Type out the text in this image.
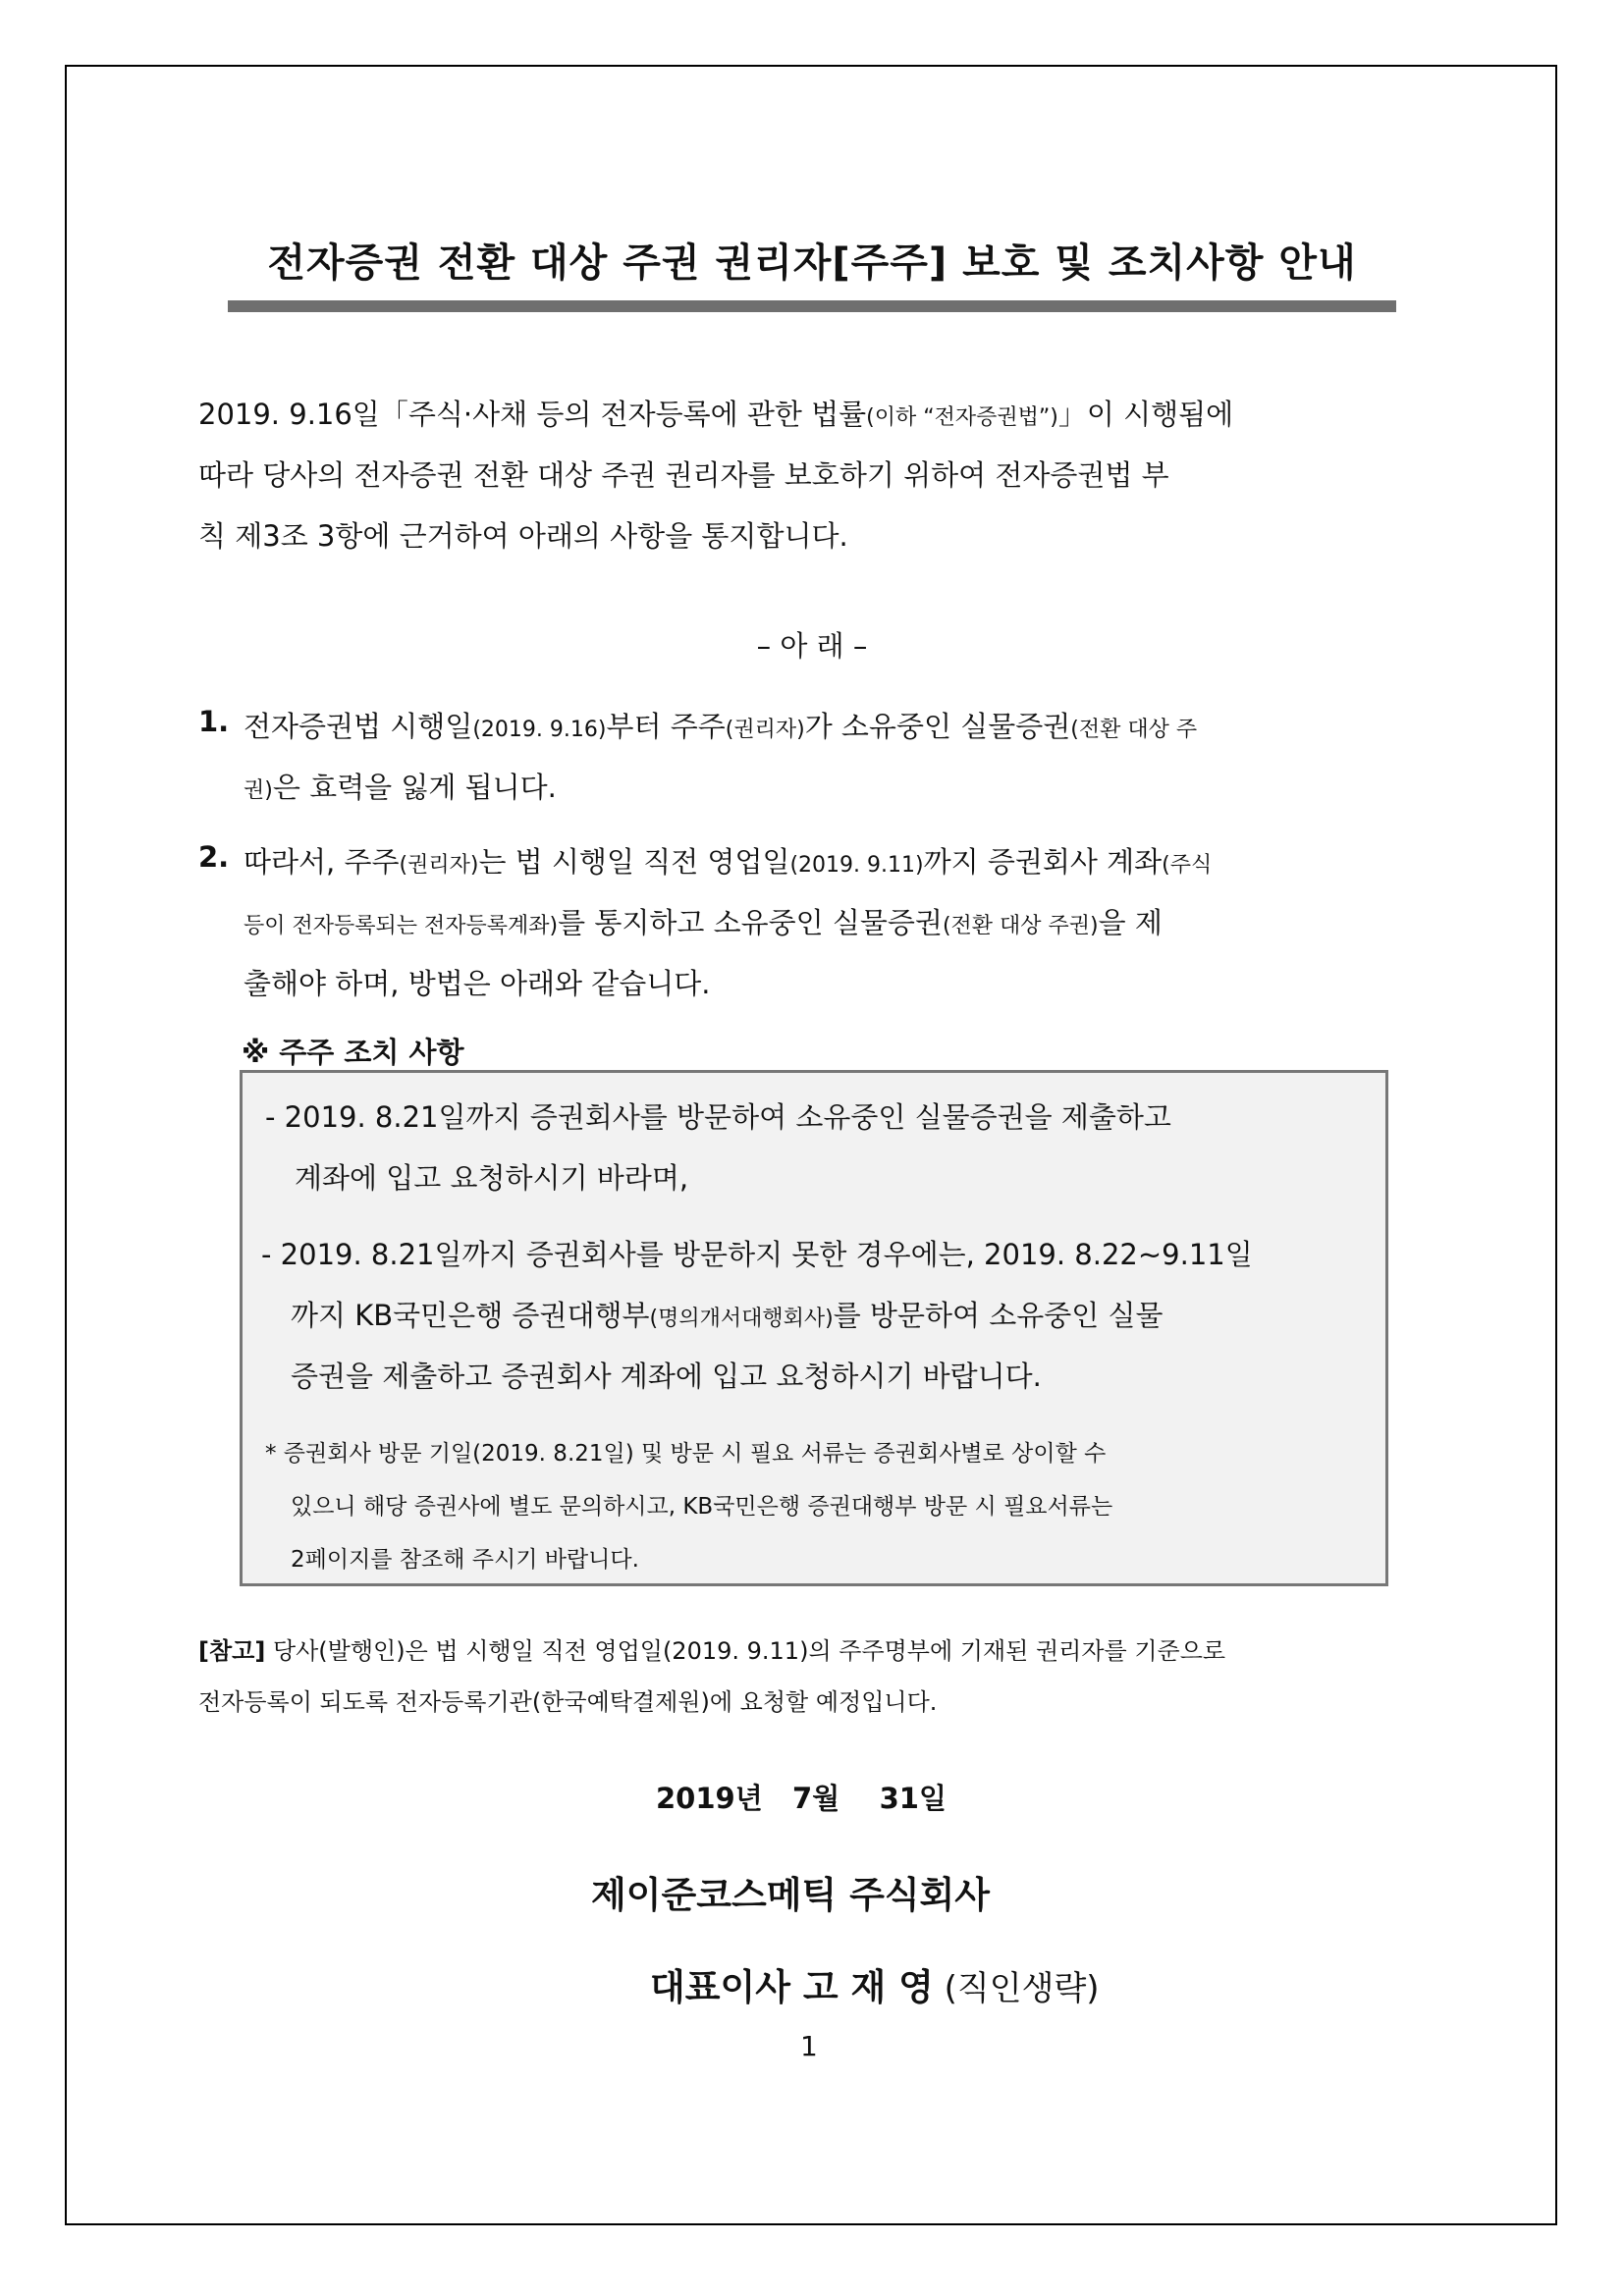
전자증권 전환 대상 주권 권리자[주주] 보호 및 조치사항 안내
2019. 9.16일「주식·사채 등의 전자등록에 관한 법률(이하 “전자증권법”)」이 시행됨에
따라 당사의 전자증권 전환 대상 주권 권리자를 보호하기 위하여 전자증권법 부
칙 제3조 3항에 근거하여 아래의 사항을 통지합니다.
– 아 래 –
1. 전자증권법 시행일(2019. 9.16)부터 주주(권리자)가 소유중인 실물증권(전환 대상 주
권)은 효력을 잃게 됩니다.
2. 따라서, 주주(권리자)는 법 시행일 직전 영업일(2019. 9.11)까지 증권회사 계좌(주식
등이 전자등록되는 전자등록계좌)를 통지하고 소유중인 실물증권(전환 대상 주권)을 제
출해야 하며, 방법은 아래와 같습니다.
※ 주주 조치 사항
- 2019. 8.21일까지 증권회사를 방문하여 소유중인 실물증권을 제출하고
계좌에 입고 요청하시기 바라며,
- 2019. 8.21일까지 증권회사를 방문하지 못한 경우에는, 2019. 8.22~9.11일
까지 KB국민은행 증권대행부(명의개서대행회사)를 방문하여 소유중인 실물
증권을 제출하고 증권회사 계좌에 입고 요청하시기 바랍니다.
* 증권회사 방문 기일(2019. 8.21일) 및 방문 시 필요 서류는 증권회사별로 상이할 수
있으니 해당 증권사에 별도 문의하시고, KB국민은행 증권대행부 방문 시 필요서류는
2페이지를 참조해 주시기 바랍니다.
[참고] 당사(발행인)은 법 시행일 직전 영업일(2019. 9.11)의 주주명부에 기재된 권리자를 기준으로
전자등록이 되도록 전자등록기관(한국예탁결제원)에 요청할 예정입니다.
2019년   7월    31일
제이준코스메틱 주식회사
대표이사 고 재 영 (직인생략)
1
